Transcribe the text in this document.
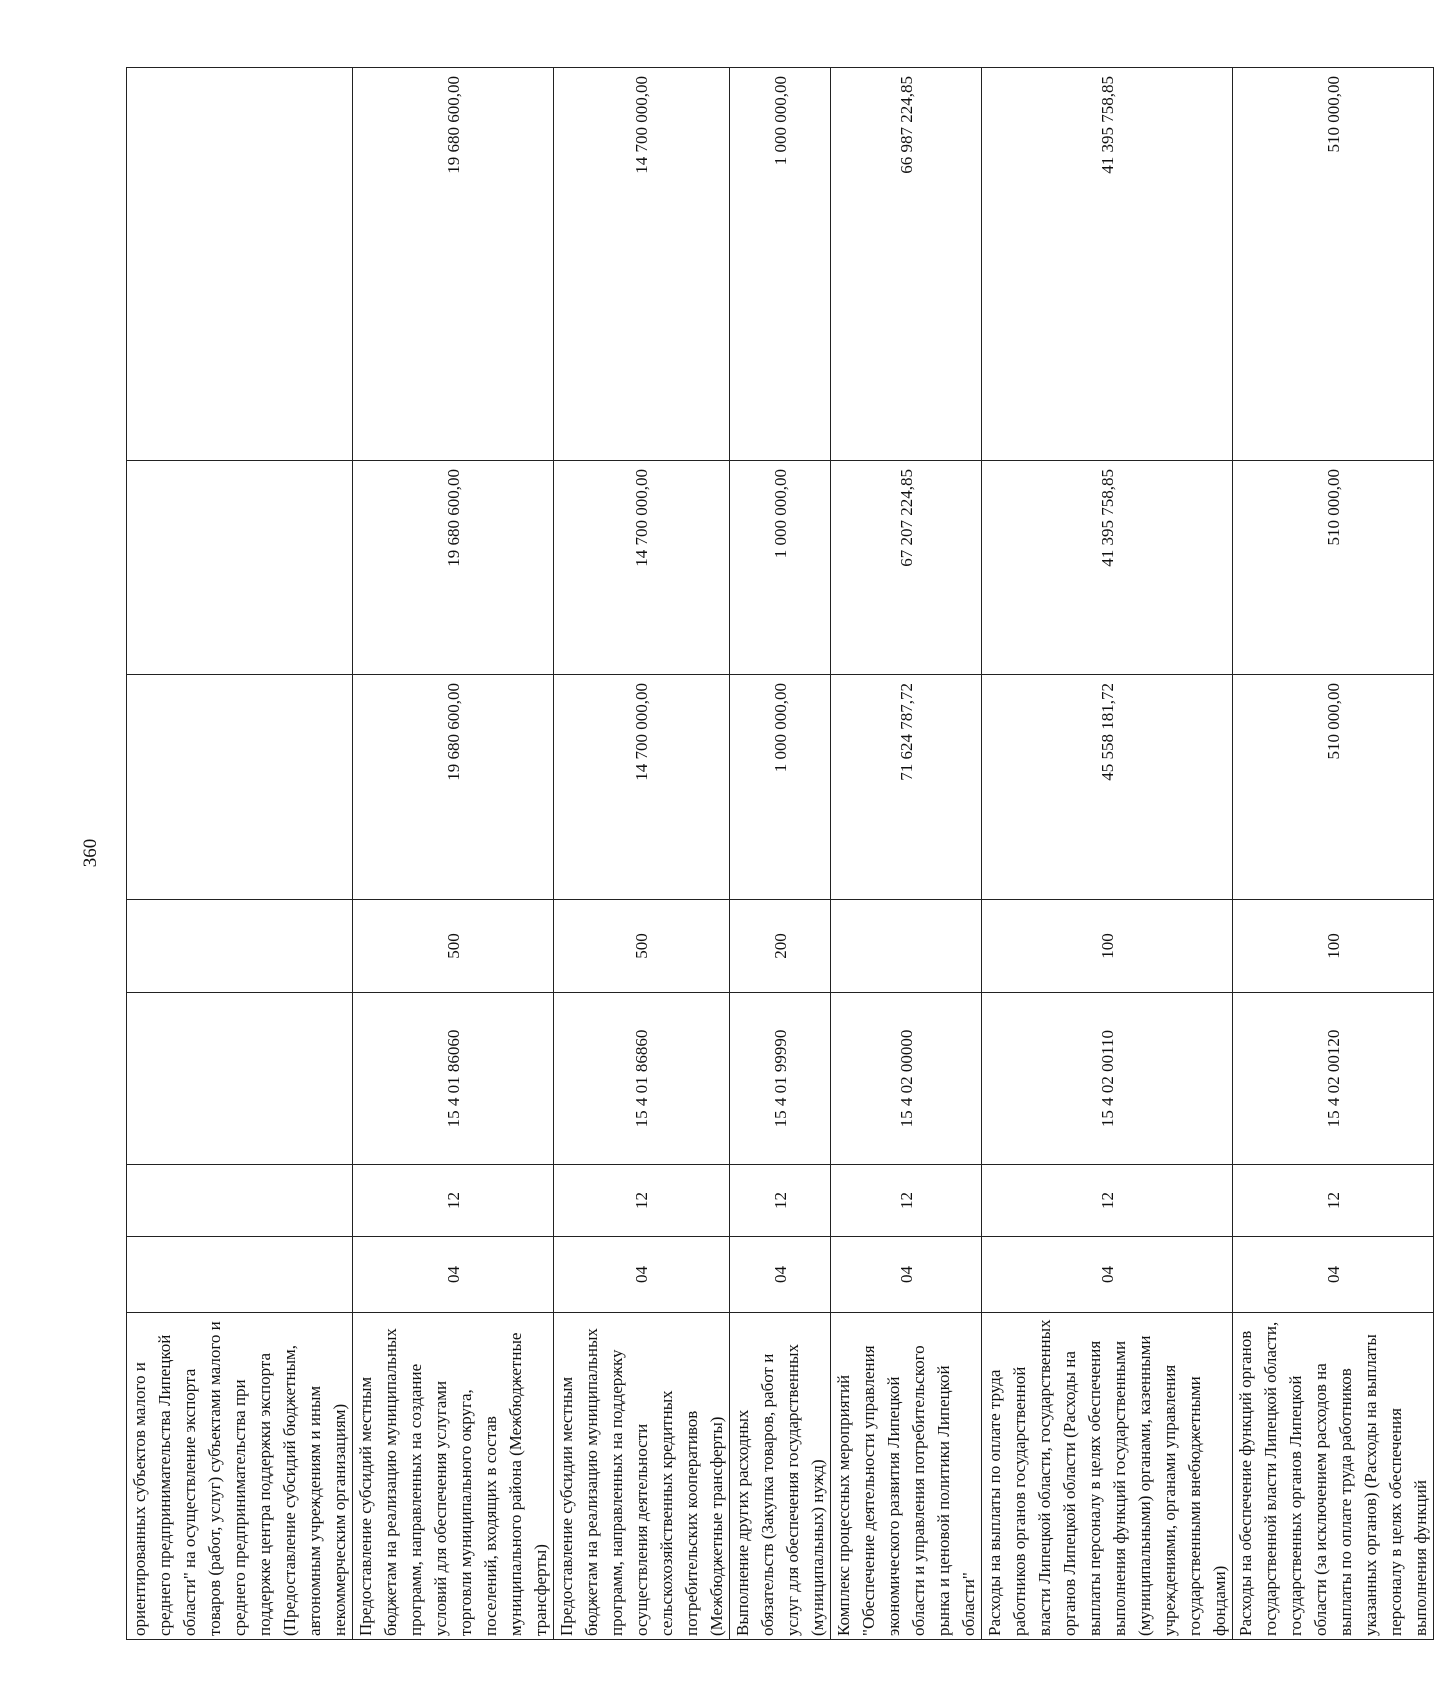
360
ориентированных субъектов малого и среднего предпринимательства Липецкой области" на осуществление экспорта товаров (работ, услуг) субъектами малого и среднего предпринимательства при поддержке центра поддержки экспорта (Предоставление субсидий бюджетным, автономным учреждениям и иным некоммерческим организациям)							
Предоставление субсидий местным бюджетам на реализацию муниципальных программ, направленных на создание условий для обеспечения услугами торговли муниципального округа, поселений, входящих в состав муниципального района (Межбюджетные трансферты)	04	12	15 4 01 86060	500	19 680 600,00	19 680 600,00	19 680 600,00
Предоставление субсидии местным бюджетам на реализацию муниципальных программ, направленных на поддержку осуществления деятельности сельскохозяйственных кредитных потребительских кооперативов (Межбюджетные трансферты)	04	12	15 4 01 86860	500	14 700 000,00	14 700 000,00	14 700 000,00
Выполнение других расходных обязательств (Закупка товаров, работ и услуг для обеспечения государственных (муниципальных) нужд)	04	12	15 4 01 99990	200	1 000 000,00	1 000 000,00	1 000 000,00
Комплекс процессных мероприятий "Обеспечение деятельности управления экономического развития Липецкой области и управления потребительского рынка и ценовой политики Липецкой области"	04	12	15 4 02 00000		71 624 787,72	67 207 224,85	66 987 224,85
Расходы на выплаты по оплате труда работников органов государственной власти Липецкой области, государственных органов Липецкой области (Расходы на выплаты персоналу в целях обеспечения выполнения функций государственными (муниципальными) органами, казенными учреждениями, органами управления государственными внебюджетными фондами)	04	12	15 4 02 00110	100	45 558 181,72	41 395 758,85	41 395 758,85
Расходы на обеспечение функций органов государственной власти Липецкой области, государственных органов Липецкой области (за исключением расходов на выплаты по оплате труда работников указанных органов) (Расходы на выплаты персоналу в целях обеспечения выполнения функций	04	12	15 4 02 00120	100	510 000,00	510 000,00	510 000,00
